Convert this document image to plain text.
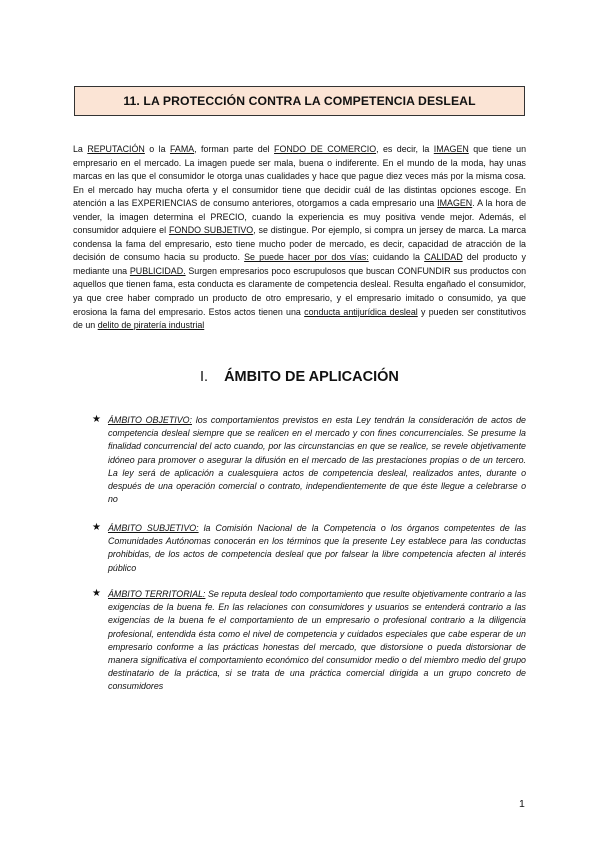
11. LA PROTECCIÓN CONTRA LA COMPETENCIA DESLEAL

La REPUTACIÓN o la FAMA, forman parte del FONDO DE COMERCIO, es decir, la IMAGEN que tiene un empresario en el mercado. La imagen puede ser mala, buena o indiferente. En el mundo de la moda, hay unas marcas en las que el consumidor le otorga unas cualidades y hace que pague diez veces más por la misma cosa. En el mercado hay mucha oferta y el consumidor tiene que decidir cuál de las distintas opciones escoge. En atención a las EXPERIENCIAS de consumo anteriores, otorgamos a cada empresario una IMAGEN. A la hora de vender, la imagen determina el PRECIO, cuando la experiencia es muy positiva vende mejor. Además, el consumidor adquiere el FONDO SUBJETIVO, se distingue. Por ejemplo, si compra un jersey de marca. La marca condensa la fama del empresario, esto tiene mucho poder de mercado, es decir, capacidad de atracción de la decisión de consumo hacia su producto. Se puede hacer por dos vías: cuidando la CALIDAD del producto y mediante una PUBLICIDAD. Surgen empresarios poco escrupulosos que buscan CONFUNDIR sus productos con aquellos que tienen fama, esta conducta es claramente de competencia desleal. Resulta engañado el consumidor, ya que cree haber comprado un producto de otro empresario, y el empresario imitado o consumido, ya que erosiona la fama del empresario. Estos actos tienen una conducta antijurídica desleal y pueden ser constitutivos de un delito de piratería industrial

I. ÁMBITO DE APLICACIÓN
★ ÁMBITO OBJETIVO: los comportamientos previstos en esta Ley tendrán la consideración de actos de competencia desleal siempre que se realicen en el mercado y con fines concurrenciales. Se presume la finalidad concurrencial del acto cuando, por las circunstancias en que se realice, se revele objetivamente idóneo para promover o asegurar la difusión en el mercado de las prestaciones propias o de un tercero. La ley será de aplicación a cualesquiera actos de competencia desleal, realizados antes, durante o después de una operación comercial o contrato, independientemente de que éste llegue a celebrarse o no
★ ÁMBITO SUBJETIVO: la Comisión Nacional de la Competencia o los órganos competentes de las Comunidades Autónomas conocerán en los términos que la presente Ley establece para las conductas prohibidas, de los actos de competencia desleal que por falsear la libre competencia afecten al interés público
★ ÁMBITO TERRITORIAL: Se reputa desleal todo comportamiento que resulte objetivamente contrario a las exigencias de la buena fe. En las relaciones con consumidores y usuarios se entenderá contrario a las exigencias de la buena fe el comportamiento de un empresario o profesional contrario a la diligencia profesional, entendida ésta como el nivel de competencia y cuidados especiales que cabe esperar de un empresario conforme a las prácticas honestas del mercado, que distorsione o pueda distorsionar de manera significativa el comportamiento económico del consumidor medio o del miembro medio del grupo destinatario de la práctica, si se trata de una práctica comercial dirigida a un grupo concreto de consumidores
1
